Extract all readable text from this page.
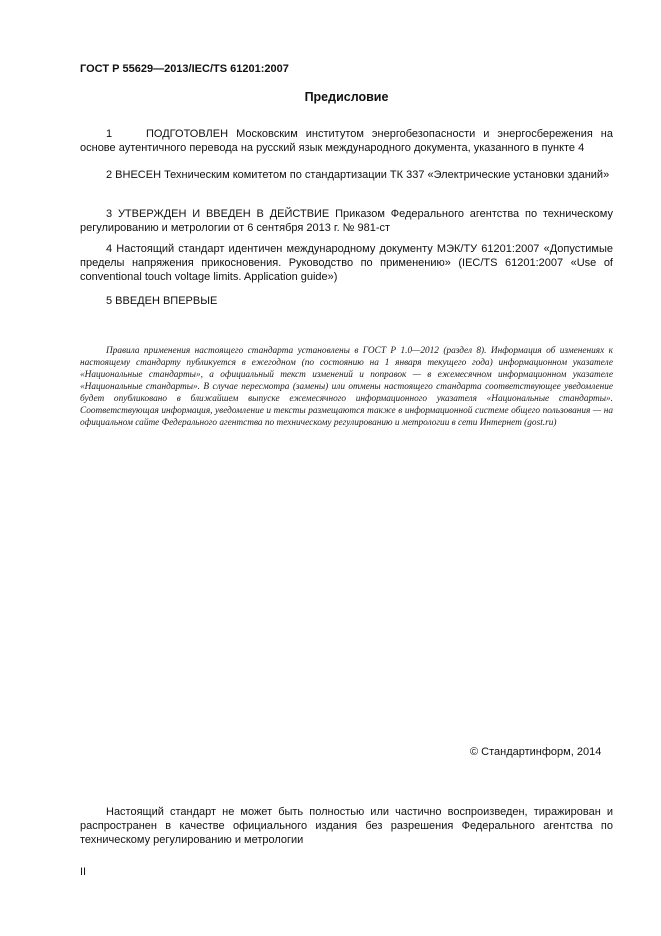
ГОСТ Р 55629—2013/IEC/TS 61201:2007
Предисловие
1	ПОДГОТОВЛЕН Московским институтом энергобезопасности и энергосбережения на основе аутентичного перевода на русский язык международного документа, указанного в пункте 4
2 ВНЕСЕН Техническим комитетом по стандартизации ТК 337 «Электрические установки зданий»
3 УТВЕРЖДЕН И ВВЕДЕН В ДЕЙСТВИЕ Приказом Федерального агентства по техническому регулированию и метрологии от 6 сентября 2013 г. № 981-ст
4 Настоящий стандарт идентичен международному документу МЭК/ТУ 61201:2007 «Допустимые пределы напряжения прикосновения. Руководство по применению» (IEC/TS 61201:2007 «Use of conventional touch voltage limits. Application guide»)
5 ВВЕДЕН ВПЕРВЫЕ
Правила применения настоящего стандарта установлены в ГОСТ Р 1.0—2012 (раздел 8). Информация об изменениях к настоящему стандарту публикуется в ежегодном (по состоянию на 1 января текущего года) информационном указателе «Национальные стандарты», а официальный текст изменений и поправок — в ежемесячном информационном указателе «Национальные стандарты». В случае пересмотра (замены) или отмены настоящего стандарта соответствующее уведомление будет опубликовано в ближайшем выпуске ежемесячного информационного указателя «Национальные стандарты». Соответствующая информация, уведомление и тексты размещаются также в информационной системе общего пользования — на официальном сайте Федерального агентства по техническому регулированию и метрологии в сети Интернет (gost.ru)
© Стандартинформ, 2014
Настоящий стандарт не может быть полностью или частично воспроизведен, тиражирован и распространен в качестве официального издания без разрешения Федерального агентства по техническому регулированию и метрологии
II
